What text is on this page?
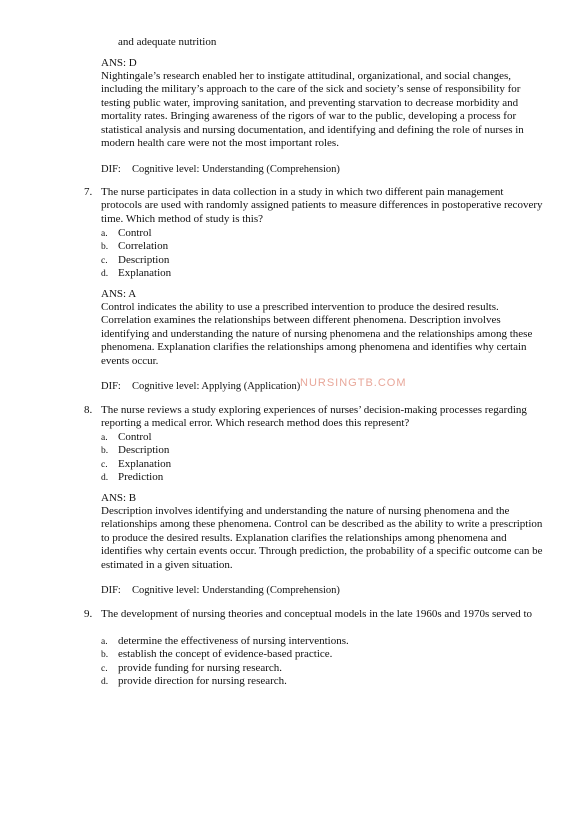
and adequate nutrition
ANS: D

Nightingale’s research enabled her to instigate attitudinal, organizational, and social changes, including the military’s approach to the care of the sick and society’s sense of responsibility for testing public water, improving sanitation, and preventing starvation to decrease morbidity and mortality rates. Bringing awareness of the rigors of war to the public, developing a process for statistical analysis and nursing documentation, and identifying and defining the role of nurses in modern health care were not the most important roles.

DIF: Cognitive level: Understanding (Comprehension)
7. The nurse participates in data collection in a study in which two different pain management protocols are used with randomly assigned patients to measure differences in postoperative recovery time. Which method of study is this?

a. Control
b. Correlation
c. Description
d. Explanation
ANS: A

Control indicates the ability to use a prescribed intervention to produce the desired results. Correlation examines the relationships between different phenomena. Description involves identifying and understanding the nature of nursing phenomena and the relationships among these phenomena. Explanation clarifies the relationships among phenomena and identifies why certain events occur.

DIF: Cognitive level: Applying (Application) NURSINGTB.COM
8. The nurse reviews a study exploring experiences of nurses’ decision-making processes regarding reporting a medical error. Which research method does this represent?

a. Control
b. Description
c. Explanation
d. Prediction
ANS: B

Description involves identifying and understanding the nature of nursing phenomena and the relationships among these phenomena. Control can be described as the ability to write a prescription to produce the desired results. Explanation clarifies the relationships among phenomena and identifies why certain events occur. Through prediction, the probability of a specific outcome can be estimated in a given situation.

DIF: Cognitive level: Understanding (Comprehension)
9. The development of nursing theories and conceptual models in the late 1960s and 1970s served to

a. determine the effectiveness of nursing interventions.
b. establish the concept of evidence-based practice.
c. provide funding for nursing research.
d. provide direction for nursing research.
